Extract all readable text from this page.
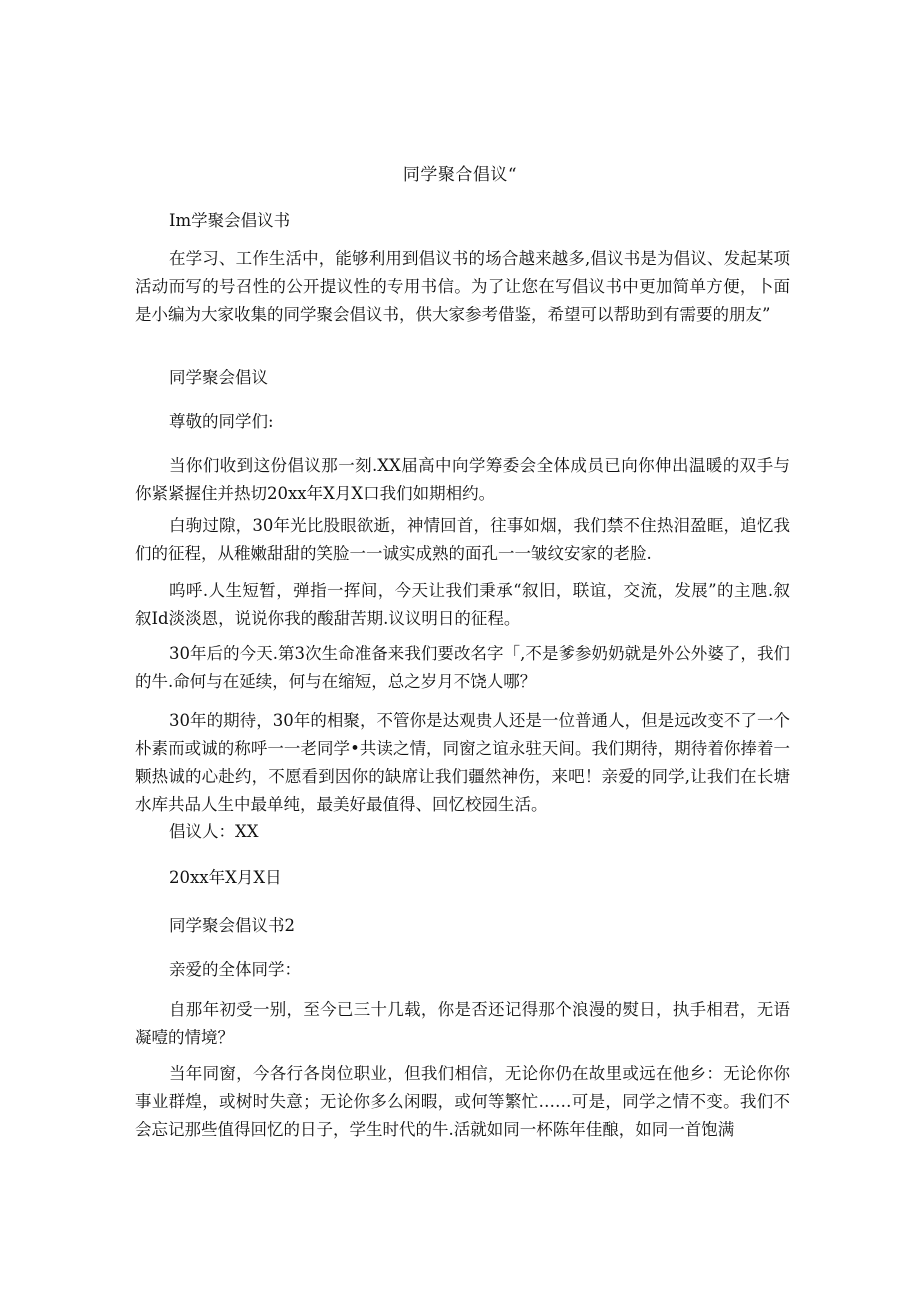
同学聚合倡议“

Im学聚会倡议书

在学习、工作生活中，能够利用到倡议书的场合越来越多,倡议书是为倡议、发起某项活动而写的号召性的公开提议性的专用书信。为了让您在写倡议书中更加简单方便，卜面是小编为大家收集的同学聚会倡议书，供大家参考借鉴，希望可以帮助到有需要的朋友”

同学聚会倡议

尊敬的同学们:

当你们收到这份倡议那一刻.XX届高中向学筹委会全体成员已向你伸出温暖的双手与你紧紧握住并热切20xx年X月X口我们如期相约。

白驹过隙，30年光比股眼欲逝，神情回首，往事如烟，我们禁不住热泪盈眶，追忆我们的征程，从稚嫩甜甜的笑脸一一诚实成熟的面孔一一皱纹安家的老脸.

呜呼.人生短暂，弹指一挥间，今天让我们秉承“叙旧，联谊，交流，发展”的主虺.叙叙Id淡淡恩，说说你我的酸甜苦期.议议明日的征程。

30年后的今天.第3次生命准备来我们要改名字「,不是爹参奶奶就是外公外婆了，我们的牛.命何与在延续，何与在缩短，总之岁月不饶人哪？

30年的期待，30年的相聚，不管你是达观贵人还是一位普通人，但是远改变不了一个朴素而或诚的称呼一一老同学•共读之情，同窗之谊永驻天间。我们期待，期待着你捧着一颗热诚的心赴约，不愿看到因你的缺席让我们疆然神伤，来吧！亲爱的同学,让我们在长塘水库共品人生中最单纯，最美好最值得、回忆校园生活。

倡议人：XX

20xx年X月X日

同学聚会倡议书2

亲爱的全体同学：

自那年初受一别，至今已三十几载，你是否还记得那个浪漫的熨日，执手相君，无语凝噎的情境？

当年同窗，今各行各岗位职业，但我们相信，无论你仍在故里或远在他乡：无论你你事业群煌，或树时失意；无论你多么闲暇，或何等繁忙……可是，同学之情不变。我们不会忘记那些值得回忆的日子，学生时代的牛.活就如同一杯陈年佳酿，如同一首饱满
